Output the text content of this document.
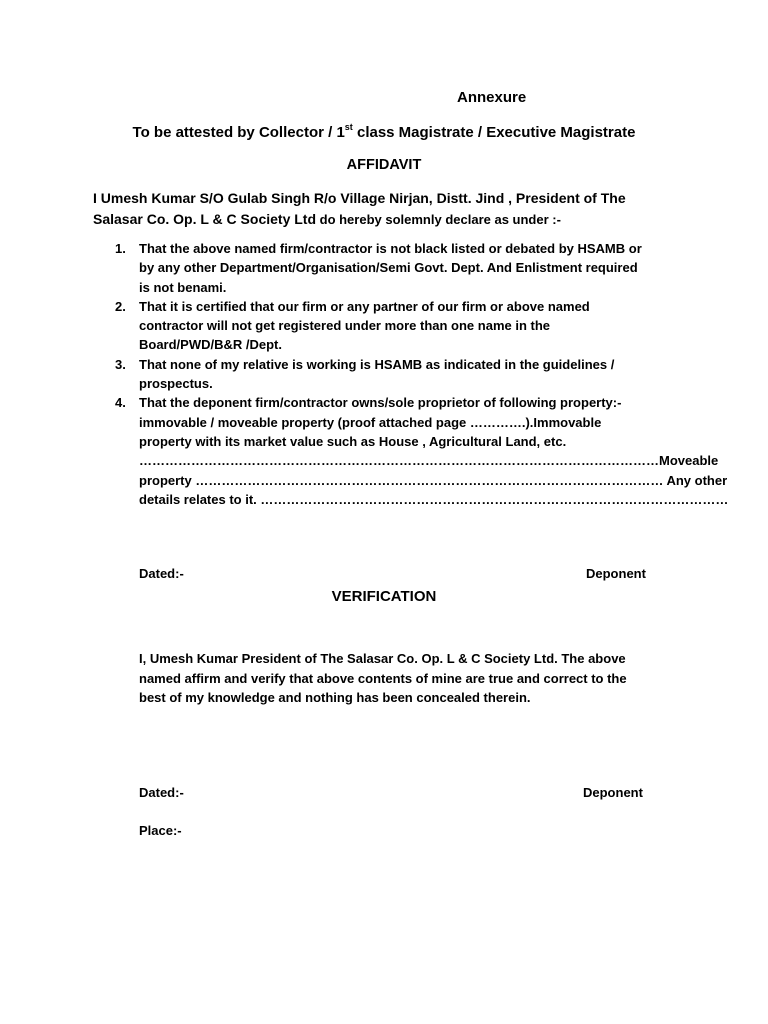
Annexure

To be attested by Collector / 1st class Magistrate / Executive Magistrate

AFFIDAVIT

I Umesh Kumar S/O Gulab Singh R/o Village Nirjan, Distt. Jind , President of The
Salasar Co. Op. L & C Society Ltd do hereby solemnly declare as under :-

1. That the above named firm/contractor is not black listed or debated by HSAMB or
by any other Department/Organisation/Semi Govt. Dept. And Enlistment required
is not benami.
2. That it is certified that our firm or any partner of our firm or above named
contractor will not get registered under more than one name in the
Board/PWD/B&R /Dept.
3. That none of my relative is working is HSAMB as indicated in the guidelines /
prospectus.
4. That the deponent firm/contractor owns/sole proprietor of following property:-
immovable / moveable property (proof attached page ………….).Immovable
property with its market value such as House , Agricultural Land, etc.
…………………………………………………………………………………………………………Moveable
property ……………………………………………………………………………………………… Any other
details relates to it. ………………………………………………………………………………………………

Dated:-	Deponent

VERIFICATION

I, Umesh Kumar President of The Salasar Co. Op. L & C Society Ltd. The above
named affirm and verify that above contents of mine are true and correct to the
best of my knowledge and nothing has been concealed therein.

Dated:-	Deponent

Place:-
